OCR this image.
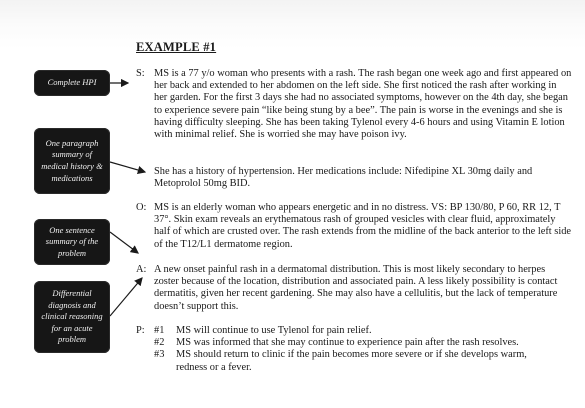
EXAMPLE #1
Complete HPI
One paragraph summary of medical history & medications
One sentence summary of the problem
Differential diagnosis and clinical reasoning for an acute problem
S: MS is a 77 y/o woman who presents with a rash. The rash began one week ago and first appeared on her back and extended to her abdomen on the left side. She first noticed the rash after working in her garden. For the first 3 days she had no associated symptoms, however on the 4th day, she began to experience severe pain “like being stung by a bee”. The pain is worse in the evenings and she is having difficulty sleeping. She has been taking Tylenol every 4-6 hours and using Vitamin E lotion with minimal relief. She is worried she may have poison ivy.
She has a history of hypertension. Her medications include: Nifedipine XL 30mg daily and Metoprolol 50mg BID.
O: MS is an elderly woman who appears energetic and in no distress. VS: BP 130/80, P 60, RR 12, T 37°. Skin exam reveals an erythematous rash of grouped vesicles with clear fluid, approximately half of which are crusted over. The rash extends from the midline of the back anterior to the left side of the T12/L1 dermatome region.
A: A new onset painful rash in a dermatomal distribution. This is most likely secondary to herpes zoster because of the location, distribution and associated pain. A less likely possibility is contact dermatitis, given her recent gardening. She may also have a cellulitis, but the lack of temperature doesn’t support this.
P: #1 MS will continue to use Tylenol for pain relief.
#2 MS was informed that she may continue to experience pain after the rash resolves.
#3 MS should return to clinic if the pain becomes more severe or if she develops warm,
redness or a fever.
